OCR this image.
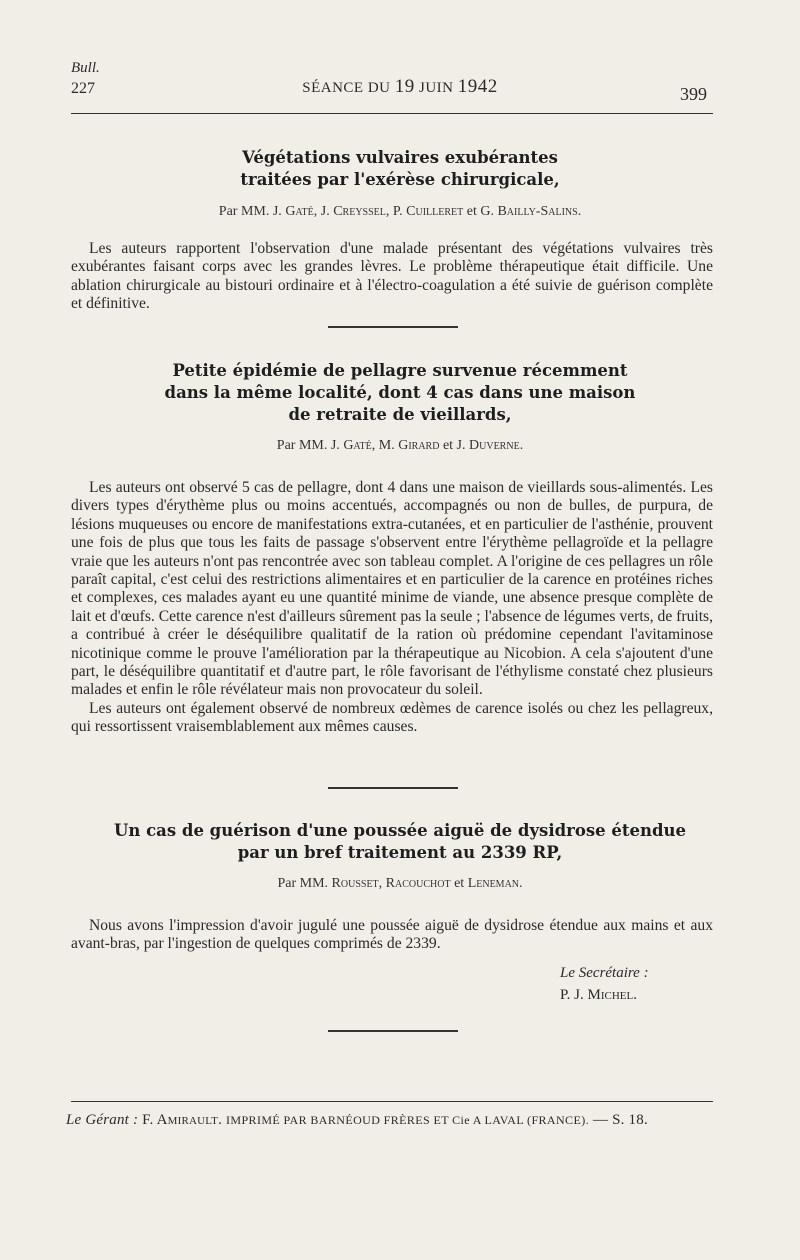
Bull.
227	SÉANCE DU 19 JUIN 1942	399
Végétations vulvaires exubérantes
traitées par l'exérèse chirurgicale,
Par MM. J. Gaté, J. Creyssel, P. Cuilleret et G. Bailly-Salins.

Les auteurs rapportent l'observation d'une malade présentant des végétations vulvaires très exubérantes faisant corps avec les grandes lèvres. Le problème thérapeutique était difficile. Une ablation chirurgicale au bistouri ordinaire et à l'électro-coagulation a été suivie de guérison complète et définitive.

Petite épidémie de pellagre survenue récemment
dans la même localité, dont 4 cas dans une maison
de retraite de vieillards,
Par MM. J. Gaté, M. Girard et J. Duverne.

Les auteurs ont observé 5 cas de pellagre, dont 4 dans une maison de vieillards sous-alimentés. Les divers types d'érythème plus ou moins accentués, accompagnés ou non de bulles, de purpura, de lésions muqueuses ou encore de manifestations extra-cutanées, et en particulier de l'asthénie, prouvent une fois de plus que tous les faits de passage s'observent entre l'érythème pellagroïde et la pellagre vraie que les auteurs n'ont pas rencontrée avec son tableau complet. A l'origine de ces pellagres un rôle paraît capital, c'est celui des restrictions alimentaires et en particulier de la carence en protéines riches et complexes, ces malades ayant eu une quantité minime de viande, une absence presque complète de lait et d'œufs. Cette carence n'est d'ailleurs sûrement pas la seule ; l'absence de légumes verts, de fruits, a contribué à créer le déséquilibre qualitatif de la ration où prédomine cependant l'avitaminose nicotinique comme le prouve l'amélioration par la thérapeutique au Nicobion. A cela s'ajoutent d'une part, le déséquilibre quantitatif et d'autre part, le rôle favorisant de l'éthylisme constaté chez plusieurs malades et enfin le rôle révélateur mais non provocateur du soleil.

Les auteurs ont également observé de nombreux œdèmes de carence isolés ou chez les pellagreux, qui ressortissent vraisemblablement aux mêmes causes.

Un cas de guérison d'une poussée aiguë de dysidrose étendue
par un bref traitement au 2339 RP,
Par MM. Rousset, Racouchot et Leneman.

Nous avons l'impression d'avoir jugulé une poussée aiguë de dysidrose étendue aux mains et aux avant-bras, par l'ingestion de quelques comprimés de 2339.

Le Secrétaire :
P. J. Michel.
Le Gérant : F. Amirault. IMPRIMÉ PAR BARNÉOUD FRÈRES ET Cie A LAVAL (FRANCE). — S. 18.
